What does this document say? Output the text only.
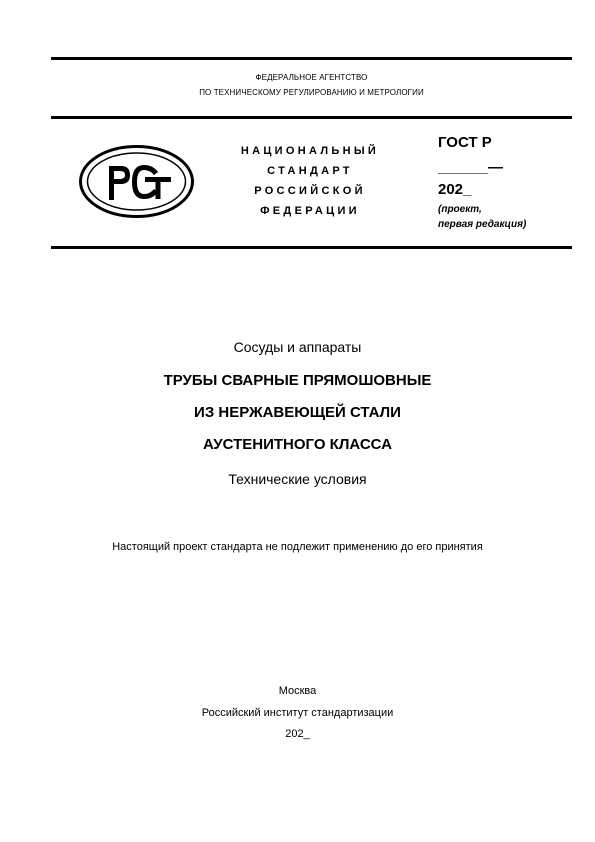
ФЕДЕРАЛЬНОЕ АГЕНТСТВО
ПО ТЕХНИЧЕСКОМУ РЕГУЛИРОВАНИЮ И МЕТРОЛОГИИ
НАЦИОНАЛЬНЫЙ
СТАНДАРТ
РОССИЙСКОЙ
ФЕДЕРАЦИИ
ГОСТ Р
______—
202_
(проект,
первая редакция)
Сосуды и аппараты
ТРУБЫ СВАРНЫЕ ПРЯМОШОВНЫЕ
ИЗ НЕРЖАВЕЮЩЕЙ СТАЛИ
АУСТЕНИТНОГО КЛАССА
Технические условия
Настоящий проект стандарта не подлежит применению до его принятия
Москва
Российский институт стандартизации
202_
